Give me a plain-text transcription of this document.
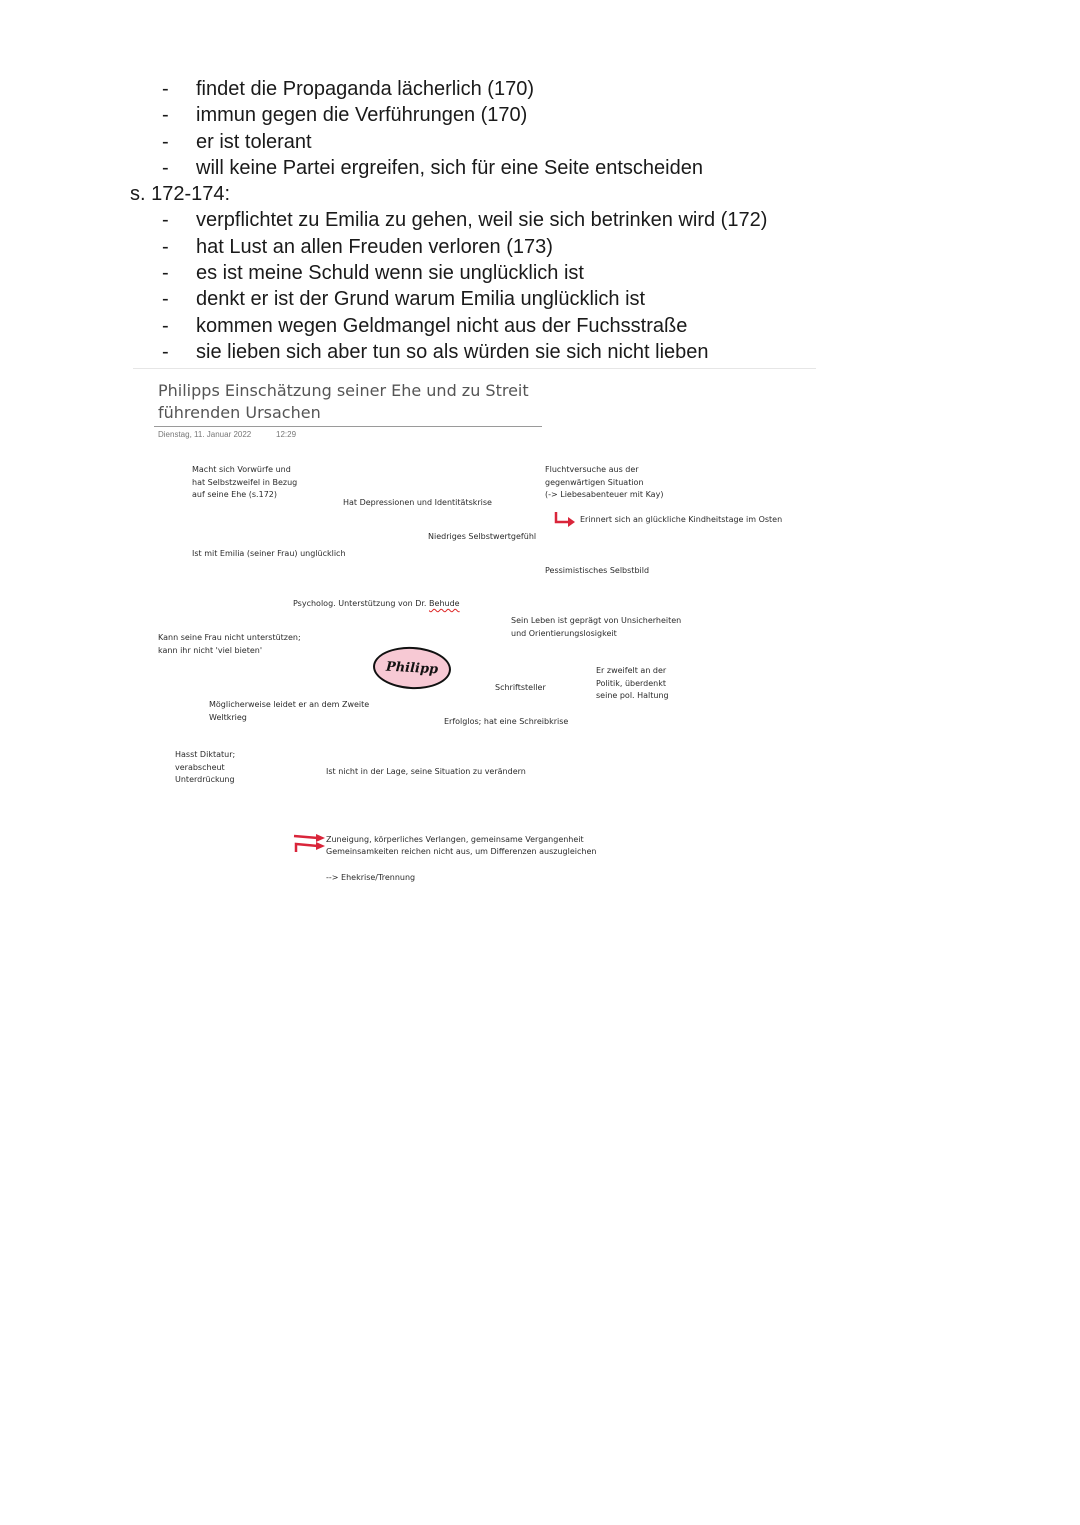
- findet die Propaganda lächerlich (170)
- immun gegen die Verführungen (170)
- er ist tolerant
- will keine Partei ergreifen, sich für eine Seite entscheiden
s. 172-174:
- verpflichtet zu Emilia zu gehen, weil sie sich betrinken wird (172)
- hat Lust an allen Freuden verloren (173)
- es ist meine Schuld wenn sie unglücklich ist
- denkt er ist der Grund warum Emilia unglücklich ist
- kommen wegen Geldmangel nicht aus der Fuchsstraße
- sie lieben sich aber tun so als würden sie sich nicht lieben
Philipps Einschätzung seiner Ehe und zu Streit führenden Ursachen
Dienstag, 11. Januar 2022	12:29
Macht sich Vorwürfe und
hat Selbstzweifel in Bezug
auf seine Ehe (s.172)
Hat Depressionen und Identitätskrise
Fluchtversuche aus der
gegenwärtigen Situation
(-> Liebesabenteuer mit Kay)
Erinnert sich an glückliche Kindheitstage im Osten
Niedriges Selbstwertgefühl
Ist mit Emilia (seiner Frau) unglücklich
Pessimistisches Selbstbild
Psycholog. Unterstützung von Dr. Behude
Sein Leben ist geprägt von Unsicherheiten
und Orientierungslosigkeit
Kann seine Frau nicht unterstützen;
kann ihr nicht 'viel bieten'
Philipp	Er zweifelt an der
Politik, überdenkt
seine pol. Haltung
Schriftsteller
Möglicherweise leidet er an dem Zweite
Weltkrieg	Erfolglos; hat eine Schreibkrise
Hasst Diktatur;
verabscheut
Unterdrückung
Ist nicht in der Lage, seine Situation zu verändern
Zuneigung, körperliches Verlangen, gemeinsame Vergangenheit
Gemeinsamkeiten reichen nicht aus, um Differenzen auszugleichen
--> Ehekrise/Trennung
